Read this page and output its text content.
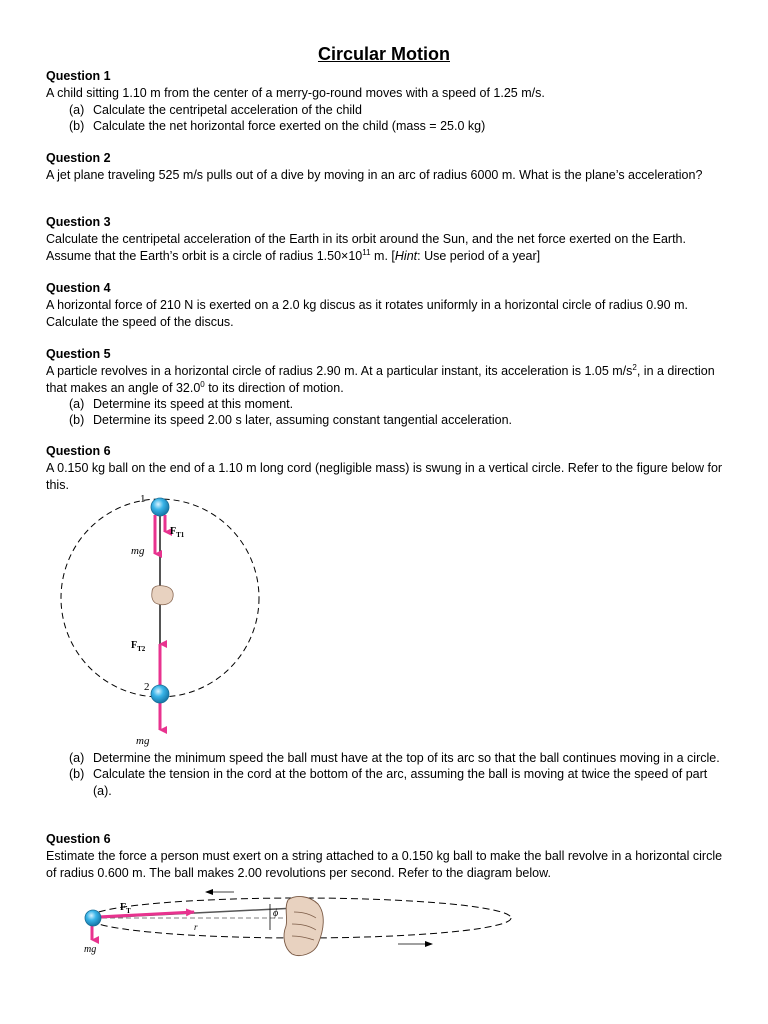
Circular Motion
Question 1
A child sitting 1.10 m from the center of a merry-go-round moves with a speed of 1.25 m/s.
(a) Calculate the centripetal acceleration of the child
(b) Calculate the net horizontal force exerted on the child (mass = 25.0 kg)
Question 2
A jet plane traveling 525 m/s pulls out of a dive by moving in an arc of radius 6000 m. What is the plane’s acceleration?
Question 3
Calculate the centripetal acceleration of the Earth in its orbit around the Sun, and the net force exerted on the Earth.
Assume that the Earth’s orbit is a circle of radius $1.50\times 10^{11}$ m. [Hint: Use period of a year]
Question 4
A horizontal force of 210 N is exerted on a 2.0 kg discus as it rotates uniformly in a horizontal circle of radius 0.90 m. Calculate the speed of the discus.
Question 5
A particle revolves in a horizontal circle of radius 2.90 m. At a particular instant, its acceleration is 1.05 $m/s^2$, in a direction that makes an angle of 32.0$^0$ to its direction of motion.
(a) Determine its speed at this moment.
(b) Determine its speed 2.00 s later, assuming constant tangential acceleration.
Question 6
A 0.150 kg ball on the end of a 1.10 m long cord (negligible mass) is swung in a vertical circle. Refer to the figure below for this.
1
$F_{T1}$
mg
2
$F_{T2}$
mg
(a) Determine the minimum speed the ball must have at the top of its arc so that the ball continues moving in a circle.
(b) Calculate the tension in the cord at the bottom of the arc, assuming the ball is moving at twice the speed of part (a).
Question 6
Estimate the force a person must exert on a string attached to a 0.150 kg ball to make the ball revolve in a horizontal circle of radius 0.600 m. The ball makes 2.00 revolutions per second. Refer to the diagram below.
$F_T$
r
ϕ
mg
